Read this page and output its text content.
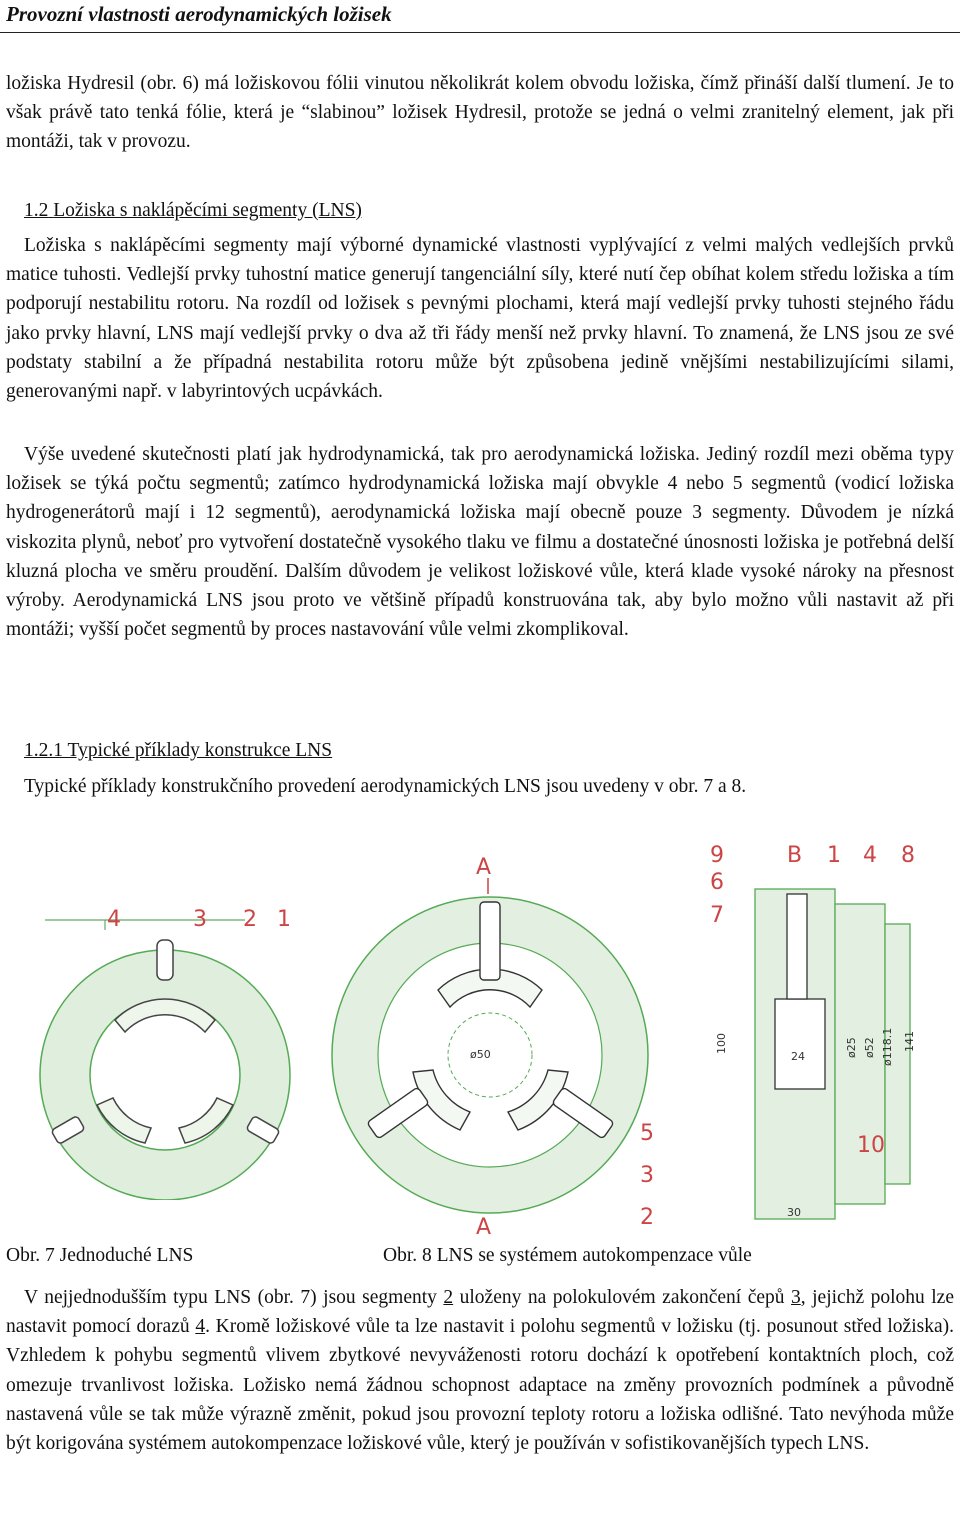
Provozní vlastnosti aerodynamických ložisek

ložiska Hydresil (obr. 6) má ložiskovou fólii vinutou několikrát kolem obvodu ložiska, čímž přináší další tlumení. Je to však právě tato tenká fólie, která je “slabinou” ložisek Hydresil, protože se jedná o velmi zranitelný element, jak při montáži, tak v provozu.

1.2 Ložiska s naklápěcími segmenty (LNS)

Ložiska s naklápěcími segmenty mají výborné dynamické vlastnosti vyplývající z velmi malých vedlejších prvků matice tuhosti. Vedlejší prvky tuhostní matice generují tangenciální síly, které nutí čep obíhat kolem středu ložiska a tím podporují nestabilitu rotoru. Na rozdíl od ložisek s pevnými plochami, která mají vedlejší prvky tuhosti stejného řádu jako prvky hlavní, LNS mají vedlejší prvky o dva až tři řády menší než prvky hlavní. To znamená, že LNS jsou ze své podstaty stabilní a že případná nestabilita rotoru může být způsobena jedině vnějšími nestabilizujícími silami, generovanými např. v labyrintových ucpávkách.

Výše uvedené skutečnosti platí jak hydrodynamická, tak pro aerodynamická ložiska. Jediný rozdíl mezi oběma typy ložisek se týká počtu segmentů; zatímco hydrodynamická ložiska mají obvykle 4 nebo 5 segmentů (vodicí ložiska hydrogenerátorů mají i 12 segmentů), aerodynamická ložiska mají obecně pouze 3 segmenty. Důvodem je nízká viskozita plynů, neboť pro vytvoření dostatečně vysokého tlaku ve filmu a dostatečné únosnosti ložiska je potřebná delší kluzná plocha ve směru proudění. Dalším důvodem je velikost ložiskové vůle, která klade vysoké nároky na přesnost výroby. Aerodynamická LNS jsou proto ve většině případů konstruována tak, aby bylo možno vůli nastavit až při montáži; vyšší počet segmentů by proces nastavování vůle velmi zkomplikoval.

1.2.1 Typické příklady konstrukce LNS

Typické příklady konstrukčního provedení aerodynamických LNS jsou uvedeny v obr. 7 a 8.

4	3 2 1
A
ø50
5
3
2
A
9	B 1 4 8
6
7
100
24	ø25 ø52 ø118.1 141
30
10
Obr. 7 Jednoduché LNS	Obr. 8 LNS se systémem autokompenzace vůle

V nejjednodušším typu LNS (obr. 7) jsou segmenty 2 uloženy na polokulovém zakončení čepů 3, jejichž polohu lze nastavit pomocí dorazů 4. Kromě ložiskové vůle ta lze nastavit i polohu segmentů v ložisku (tj. posunout střed ložiska). Vzhledem k pohybu segmentů vlivem zbytkové nevyváženosti rotoru dochází k opotřebení kontaktních ploch, což omezuje trvanlivost ložiska. Ložisko nemá žádnou schopnost adaptace na změny provozních podmínek a původně nastavená vůle se tak může výrazně změnit, pokud jsou provozní teploty rotoru a ložiska odlišné. Tato nevýhoda může být korigována systémem autokompenzace ložiskové vůle, který je používán v sofistikovanějších typech LNS.
